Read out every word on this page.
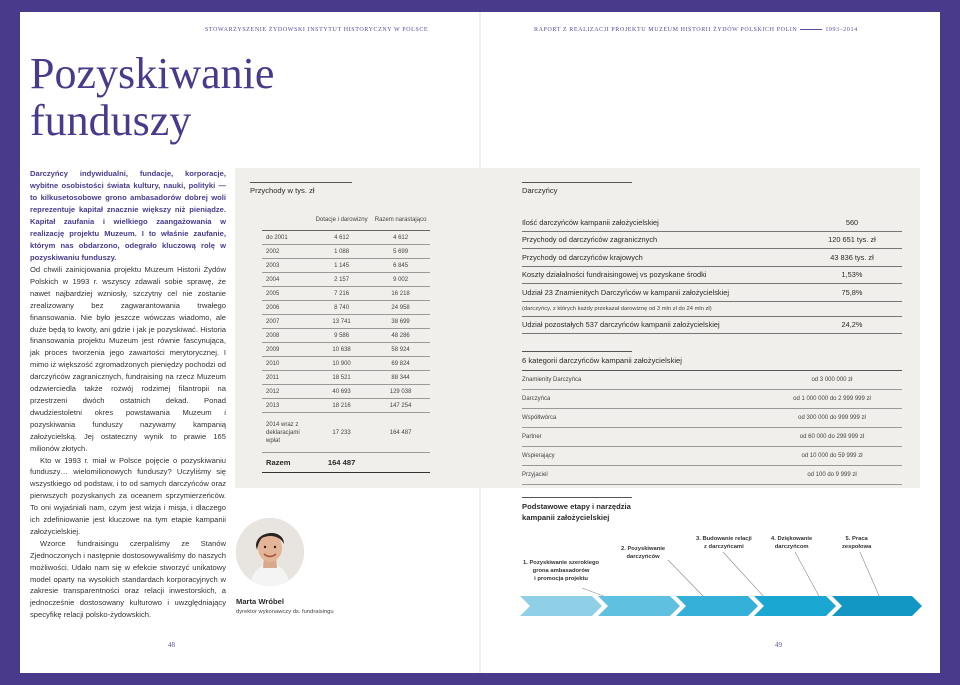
STOWARZYSZENIE ŻYDOWSKI INSTYTUT HISTORYCZNY W POLSCE	RAPORT Z REALIZACJI PROJEKTU MUZEUM HISTORII ŻYDÓW POLSKICH POLIN	1993–2014
Pozyskiwanie
funduszy

Darczyńcy indywidualni, fundacje, korporacje, wybitne osobistości świata kultury, nauki, polityki — to kilkusetosobowe grono ambasadorów dobrej woli reprezentuje kapitał znacznie większy niż pieniądze. Kapitał zaufania i wielkiego zaangażowania w realizację projektu Muzeum. I to właśnie zaufanie, którym nas obdarzono, odegrało kluczową rolę w pozyskiwaniu funduszy.

Od chwili zainicjowania projektu Muzeum Historii Żydów Polskich w 1993 r. wszyscy zdawali sobie sprawę, że nawet najbardziej wzniosły, szczytny cel nie zostanie zrealizowany bez zagwarantowania trwałego finansowania. Nie było jeszcze wówczas wiadomo, ale duże będą to kwoty, ani gdzie i jak je pozyskiwać. Historia finansowania projektu Muzeum jest równie fascynująca, jak proces tworzenia jego zawartości merytorycznej. I mimo iż większość zgromadzonych pieniędzy pochodzi od darczyńców zagranicznych, fundraising na rzecz Muzeum odzwierciedla także rozwój rodzimej filantropii na przestrzeni dwóch ostatnich dekad. Ponad dwudziestoletni okres powstawania Muzeum i pozyskiwania funduszy nazywamy kampanią założycielską. Jej ostateczny wynik to prawie 165 milionów złotych.

Kto w 1993 r. miał w Polsce pojęcie o pozyskiwaniu funduszy… wielomilionowych funduszy? Uczyliśmy się wszystkiego od podstaw, i to od samych darczyńców oraz pierwszych pozyskanych za oceanem sprzymierzeńców. To oni wyjaśniali nam, czym jest wizja i misja, i dlaczego ich zdefiniowanie jest kluczowe na tym etapie kampanii założycielskiej.

Wzorce fundraisingu czerpaliśmy ze Stanów Zjednoczonych i następnie dostosowywaliśmy do naszych możliwości. Udało nam się w efekcie stworzyć unikatowy model oparty na wysokich standardach korporacyjnych w zakresie transparentności oraz relacji inwestorskich, a jednocześnie dostosowany kulturowo i uwzględniający specyfikę relacji polsko-żydowskich.

Przychody w tys. zł	Darczyńcy
	Dotacje i darowizny	Razem narastająco
do 2001	4 612	4 612
2002	1 088	5 699
2003	1 145	6 845
2004	2 157	9 002
2005	7 216	16 218
2006	8 740	24 958
2007	13 741	38 699
2008	9 586	48 286
2009	10 638	58 924
2010	10 900	69 824
2011	18 521	88 344
2012	40 693	129 038
2013	18 216	147 254
2014 wraz z deklaracjami wpłat	17 233	164 487
Razem	164 487	
Ilość darczyńców kampanii założycielskiej	560
Przychody od darczyńców zagranicznych	120 651 tys. zł
Przychody od darczyńców krajowych	43 836 tys. zł
Koszty działalności fundraisingowej vs pozyskane środki	1,53%
Udział 23 Znamienitych Darczyńców w kampanii założycielskiej	75,8%
(darczyńcy, z których każdy przekazał darowiznę od 3 mln zł do 24 mln zł)
Udział pozostałych 537 darczyńców kampanii założycielskiej	24,2%
6 kategorii darczyńców kampanii założycielskiej
Znamienity Darczyńca	od 3 000 000 zł
Darczyńca	od 1 000 000 do 2 999 999 zł
Współtwórca	od 300 000 do 999 999 zł
Partner	od 60 000 do 299 999 zł
Wspierający	od 10 000 do 59 999 zł
Przyjaciel	od 100 do 9 999 zł
Podstawowe etapy i narzędzia kampanii założycielskiej
1. Pozyskiwanie szerokiego
grona ambasadorów
i promocja projektu
2. Pozyskiwanie
darczyńców
3. Budowanie relacji
z darczyńcami
4. Dziękowanie
darczyńcom
5. Praca
zespołowa
Marta Wróbel
dyrektor wykonawczy ds. fundraisingu
48	49
